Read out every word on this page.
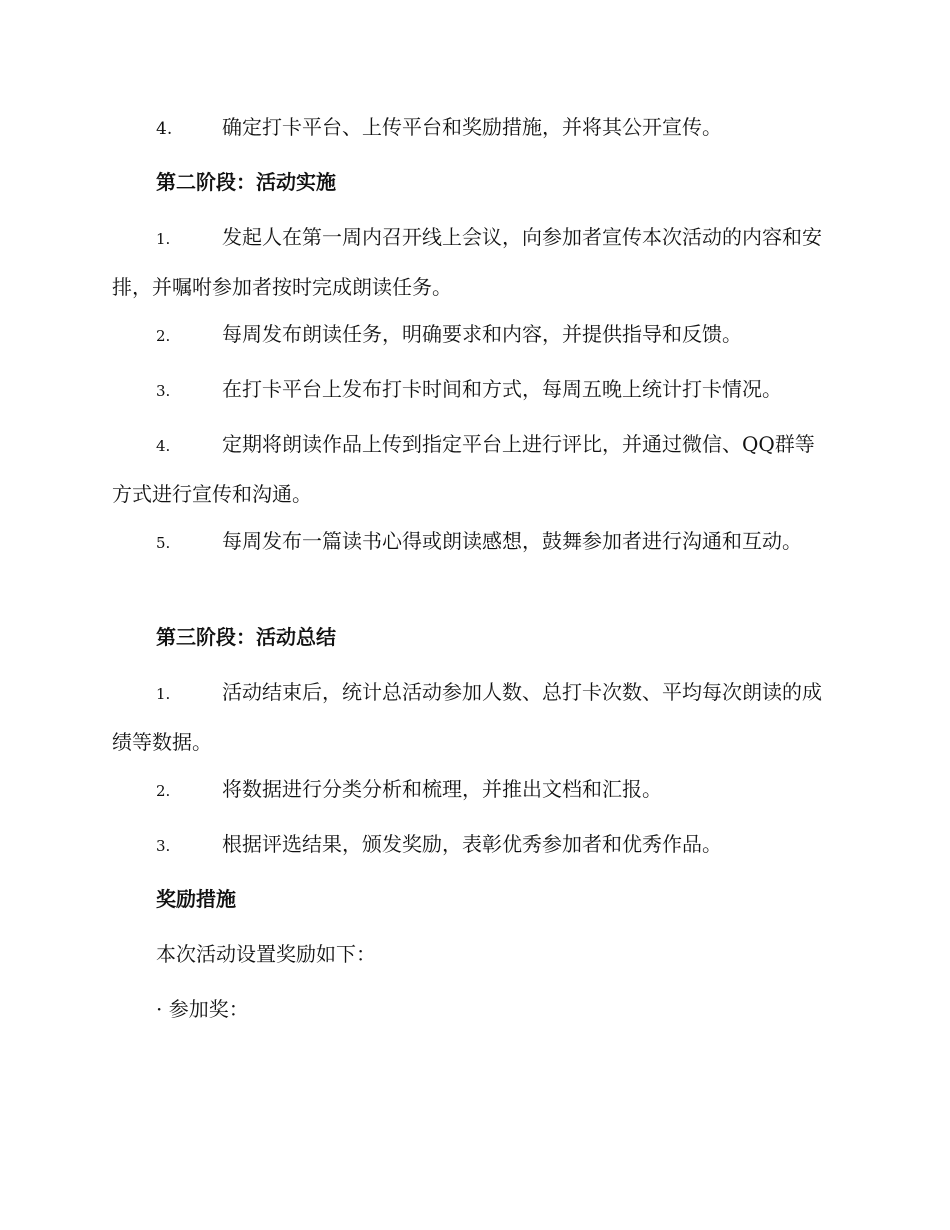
4. 确定打卡平台、上传平台和奖励措施，并将其公开宣传。

第二阶段：活动实施

1.	发起人在第一周内召开线上会议，向参加者宣传本次活动的内容和安排，并嘱咐参加者按时完成朗读任务。

2.	每周发布朗读任务，明确要求和内容，并提供指导和反馈。

3.	在打卡平台上发布打卡时间和方式，每周五晚上统计打卡情况。

4.	定期将朗读作品上传到指定平台上进行评比，并通过微信、QQ群等方式进行宣传和沟通。

5.	每周发布一篇读书心得或朗读感想，鼓舞参加者进行沟通和互动。

第三阶段：活动总结

1.	活动结束后，统计总活动参加人数、总打卡次数、平均每次朗读的成绩等数据。

2.	将数据进行分类分析和梳理，并推出文档和汇报。

3.	根据评选结果，颁发奖励，表彰优秀参加者和优秀作品。

奖励措施

本次活动设置奖励如下：

· 参加奖：
